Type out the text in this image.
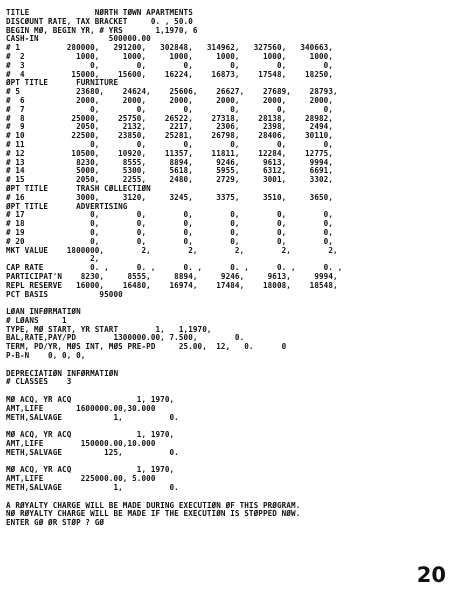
TITLE              NØRTH TØWN APARTMENTS
DISCØUNT RATE, TAX BRACKET     0. , 50.0
BEGIN MØ, BEGIN YR, # YRS       1,1970, 6
CASH-IN               500000.00
# 1          280000,   291200,   302848,   314962,   327560,   340663,
#  2           1000,     1000,     1000,     1000,     1000,     1000,
#  3              0,        0,        0,        0,        0,        0,
#  4          15000,    15600,    16224,    16873,    17548,    18250,
ØPT TITLE      FURNITURE
# 5            23680,    24624,    25606,    26627,    27689,    28793,
#  6           2000,     2000,     2000,     2000,     2000,     2000,
#  7              0,        0,        0,        0,        0,        0,
#  8          25000,    25750,    26522,    27318,    28138,    28982,
#  9           2050,     2132,     2217,     2306,     2398,     2494,
# 10          22500,    23850,    25281,    26798,    28406,    30110,
# 11              0,        0,        0,        0,        0,        0,
# 12          10500,    10920,    11357,    11811,    12284,    12775,
# 13           8230,     8555,     8894,     9246,     9613,     9994,
# 14           5000,     5300,     5618,     5955,     6312,     6691,
# 15           2050,     2255,     2480,     2729,     3001,     3302,
ØPT TITLE      TRASH CØLLECTIØN
# 16           3000,     3120,     3245,     3375,     3510,     3650,
ØPT TITLE      ADVERTISING
# 17              0,        0,        0,        0,        0,        0,
# 18              0,        0,        0,        0,        0,        0,
# 19              0,        0,        0,        0,        0,        0,
# 20              0,        0,        0,        0,        0,        0,
MKT VALUE    1800000,        2,        2,        2,        2,        2,
2,
CAP RATE          0. ,      0. ,      0. ,      0. ,      0. ,      0. ,
PARTICIPAT'N    8230,     8555,     8894,     9246,     9613,     9994,
REPL RESERVE   16000,    16480,    16974,    17484,    18008,    18548,
PCT BASIS           95000
LØAN INFØRMATIØN
# LØANS     1
TYPE, MØ START, YR START        1,   1,1970,
BAL,RATE,PAY/PD        1300000.00, 7.500,        0.
TERM, PD/YR, MØS INT, MØS PRE-PD     25.00,  12,   0.      0
P-B-N    0, 0, 0,
DEPRECIATIØN INFØRMATIØN
# CLASSES    3
MØ ACQ, YR ACQ              1, 1970,
AMT,LIFE       1600000.00,30.000
METH,SALVAGE           1,          0.
MØ ACQ, YR ACQ              1, 1970,
AMT,LIFE        150000.00,10.000
METH,SALVAGE         125,          0.
MØ ACQ, YR ACQ              1, 1970,
AMT,LIFE        225000.00, 5.000
METH,SALVAGE           1,          0.
A RØYALTY CHARGE WILL BE MADE DURING EXECUTIØN ØF THIS PRØGRAM.
NØ RØYALTY CHARGE WILL BE MADE IF THE EXECUTIØN IS STØPPED NØW.
ENTER GØ ØR STØP ? GØ
20
